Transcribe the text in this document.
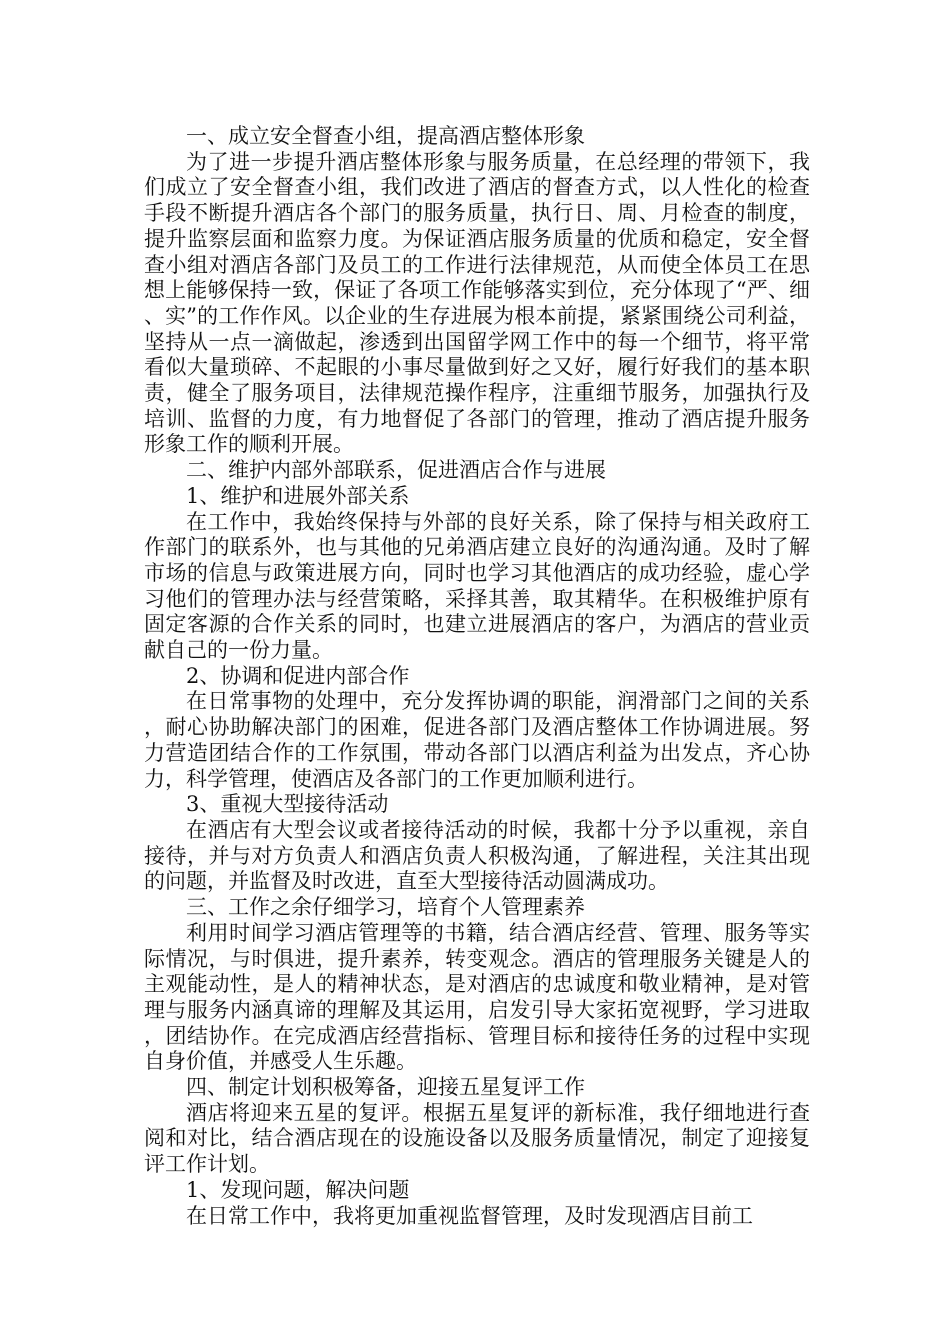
一、成立安全督查小组，提高酒店整体形象

为了进一步提升酒店整体形象与服务质量，在总经理的带领下，我们成立了安全督查小组，我们改进了酒店的督查方式，以人性化的检查手段不断提升酒店各个部门的服务质量，执行日、周、月检查的制度，提升监察层面和监察力度。为保证酒店服务质量的优质和稳定，安全督查小组对酒店各部门及员工的工作进行法律规范，从而使全体员工在思想上能够保持一致，保证了各项工作能够落实到位，充分体现了“严、细、实”的工作作风。以企业的生存进展为根本前提，紧紧围绕公司利益，坚持从一点一滴做起，渗透到出国留学网工作中的每一个细节，将平常看似大量琐碎、不起眼的小事尽量做到好之又好，履行好我们的基本职责，健全了服务项目，法律规范操作程序，注重细节服务，加强执行及培训、监督的力度，有力地督促了各部门的管理，推动了酒店提升服务形象工作的顺利开展。

二、维护内部外部联系，促进酒店合作与进展

1、维护和进展外部关系

在工作中，我始终保持与外部的良好关系，除了保持与相关政府工作部门的联系外，也与其他的兄弟酒店建立良好的沟通沟通。及时了解市场的信息与政策进展方向，同时也学习其他酒店的成功经验，虚心学习他们的管理办法与经营策略，采择其善，取其精华。在积极维护原有固定客源的合作关系的同时，也建立进展酒店的客户，为酒店的营业贡献自己的一份力量。

2、协调和促进内部合作

在日常事物的处理中，充分发挥协调的职能，润滑部门之间的关系，耐心协助解决部门的困难，促进各部门及酒店整体工作协调进展。努力营造团结合作的工作氛围，带动各部门以酒店利益为出发点，齐心协力，科学管理，使酒店及各部门的工作更加顺利进行。

3、重视大型接待活动

在酒店有大型会议或者接待活动的时候，我都十分予以重视，亲自接待，并与对方负责人和酒店负责人积极沟通，了解进程，关注其出现的问题，并监督及时改进，直至大型接待活动圆满成功。

三、工作之余仔细学习，培育个人管理素养

利用时间学习酒店管理等的书籍，结合酒店经营、管理、服务等实际情况，与时俱进，提升素养，转变观念。酒店的管理服务关键是人的主观能动性，是人的精神状态，是对酒店的忠诚度和敬业精神，是对管理与服务内涵真谛的理解及其运用，启发引导大家拓宽视野，学习进取，团结协作。在完成酒店经营指标、管理目标和接待任务的过程中实现自身价值，并感受人生乐趣。

四、制定计划积极筹备，迎接五星复评工作

酒店将迎来五星的复评。根据五星复评的新标准，我仔细地进行查阅和对比，结合酒店现在的设施设备以及服务质量情况，制定了迎接复评工作计划。

1、发现问题，解决问题

在日常工作中，我将更加重视监督管理，及时发现酒店目前工
